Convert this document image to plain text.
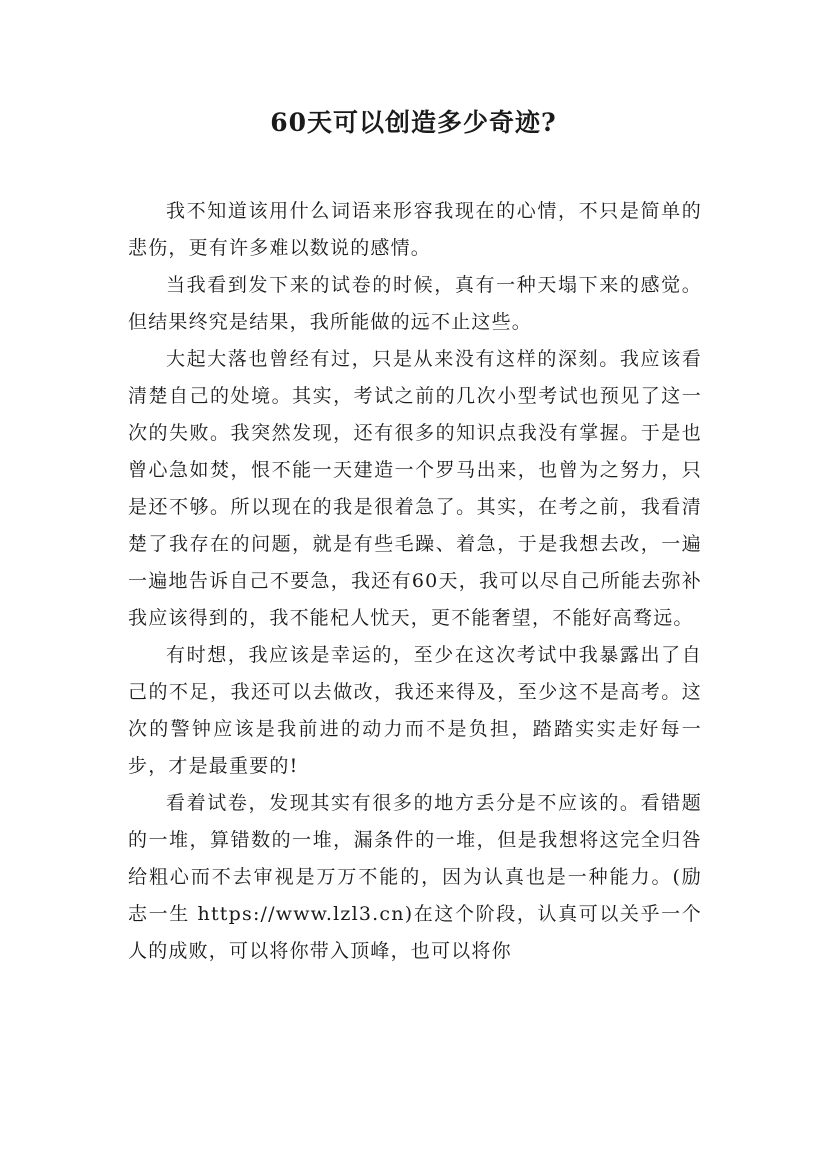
60天可以创造多少奇迹?

我不知道该用什么词语来形容我现在的心情，不只是简单的悲伤，更有许多难以数说的感情。

当我看到发下来的试卷的时候，真有一种天塌下来的感觉。但结果终究是结果，我所能做的远不止这些。

大起大落也曾经有过，只是从来没有这样的深刻。我应该看清楚自己的处境。其实，考试之前的几次小型考试也预见了这一次的失败。我突然发现，还有很多的知识点我没有掌握。于是也曾心急如焚，恨不能一天建造一个罗马出来，也曾为之努力，只是还不够。所以现在的我是很着急了。其实，在考之前，我看清楚了我存在的问题，就是有些毛躁、着急，于是我想去改，一遍一遍地告诉自己不要急，我还有60天，我可以尽自己所能去弥补我应该得到的，我不能杞人忧天，更不能奢望，不能好高骛远。

有时想，我应该是幸运的，至少在这次考试中我暴露出了自己的不足，我还可以去做改，我还来得及，至少这不是高考。这次的警钟应该是我前进的动力而不是负担，踏踏实实走好每一步，才是最重要的!

看着试卷，发现其实有很多的地方丢分是不应该的。看错题的一堆，算错数的一堆，漏条件的一堆，但是我想将这完全归咎给粗心而不去审视是万万不能的，因为认真也是一种能力。(励志一生 https://www.lzl3.cn)在这个阶段，认真可以关乎一个人的成败，可以将你带入顶峰，也可以将你
